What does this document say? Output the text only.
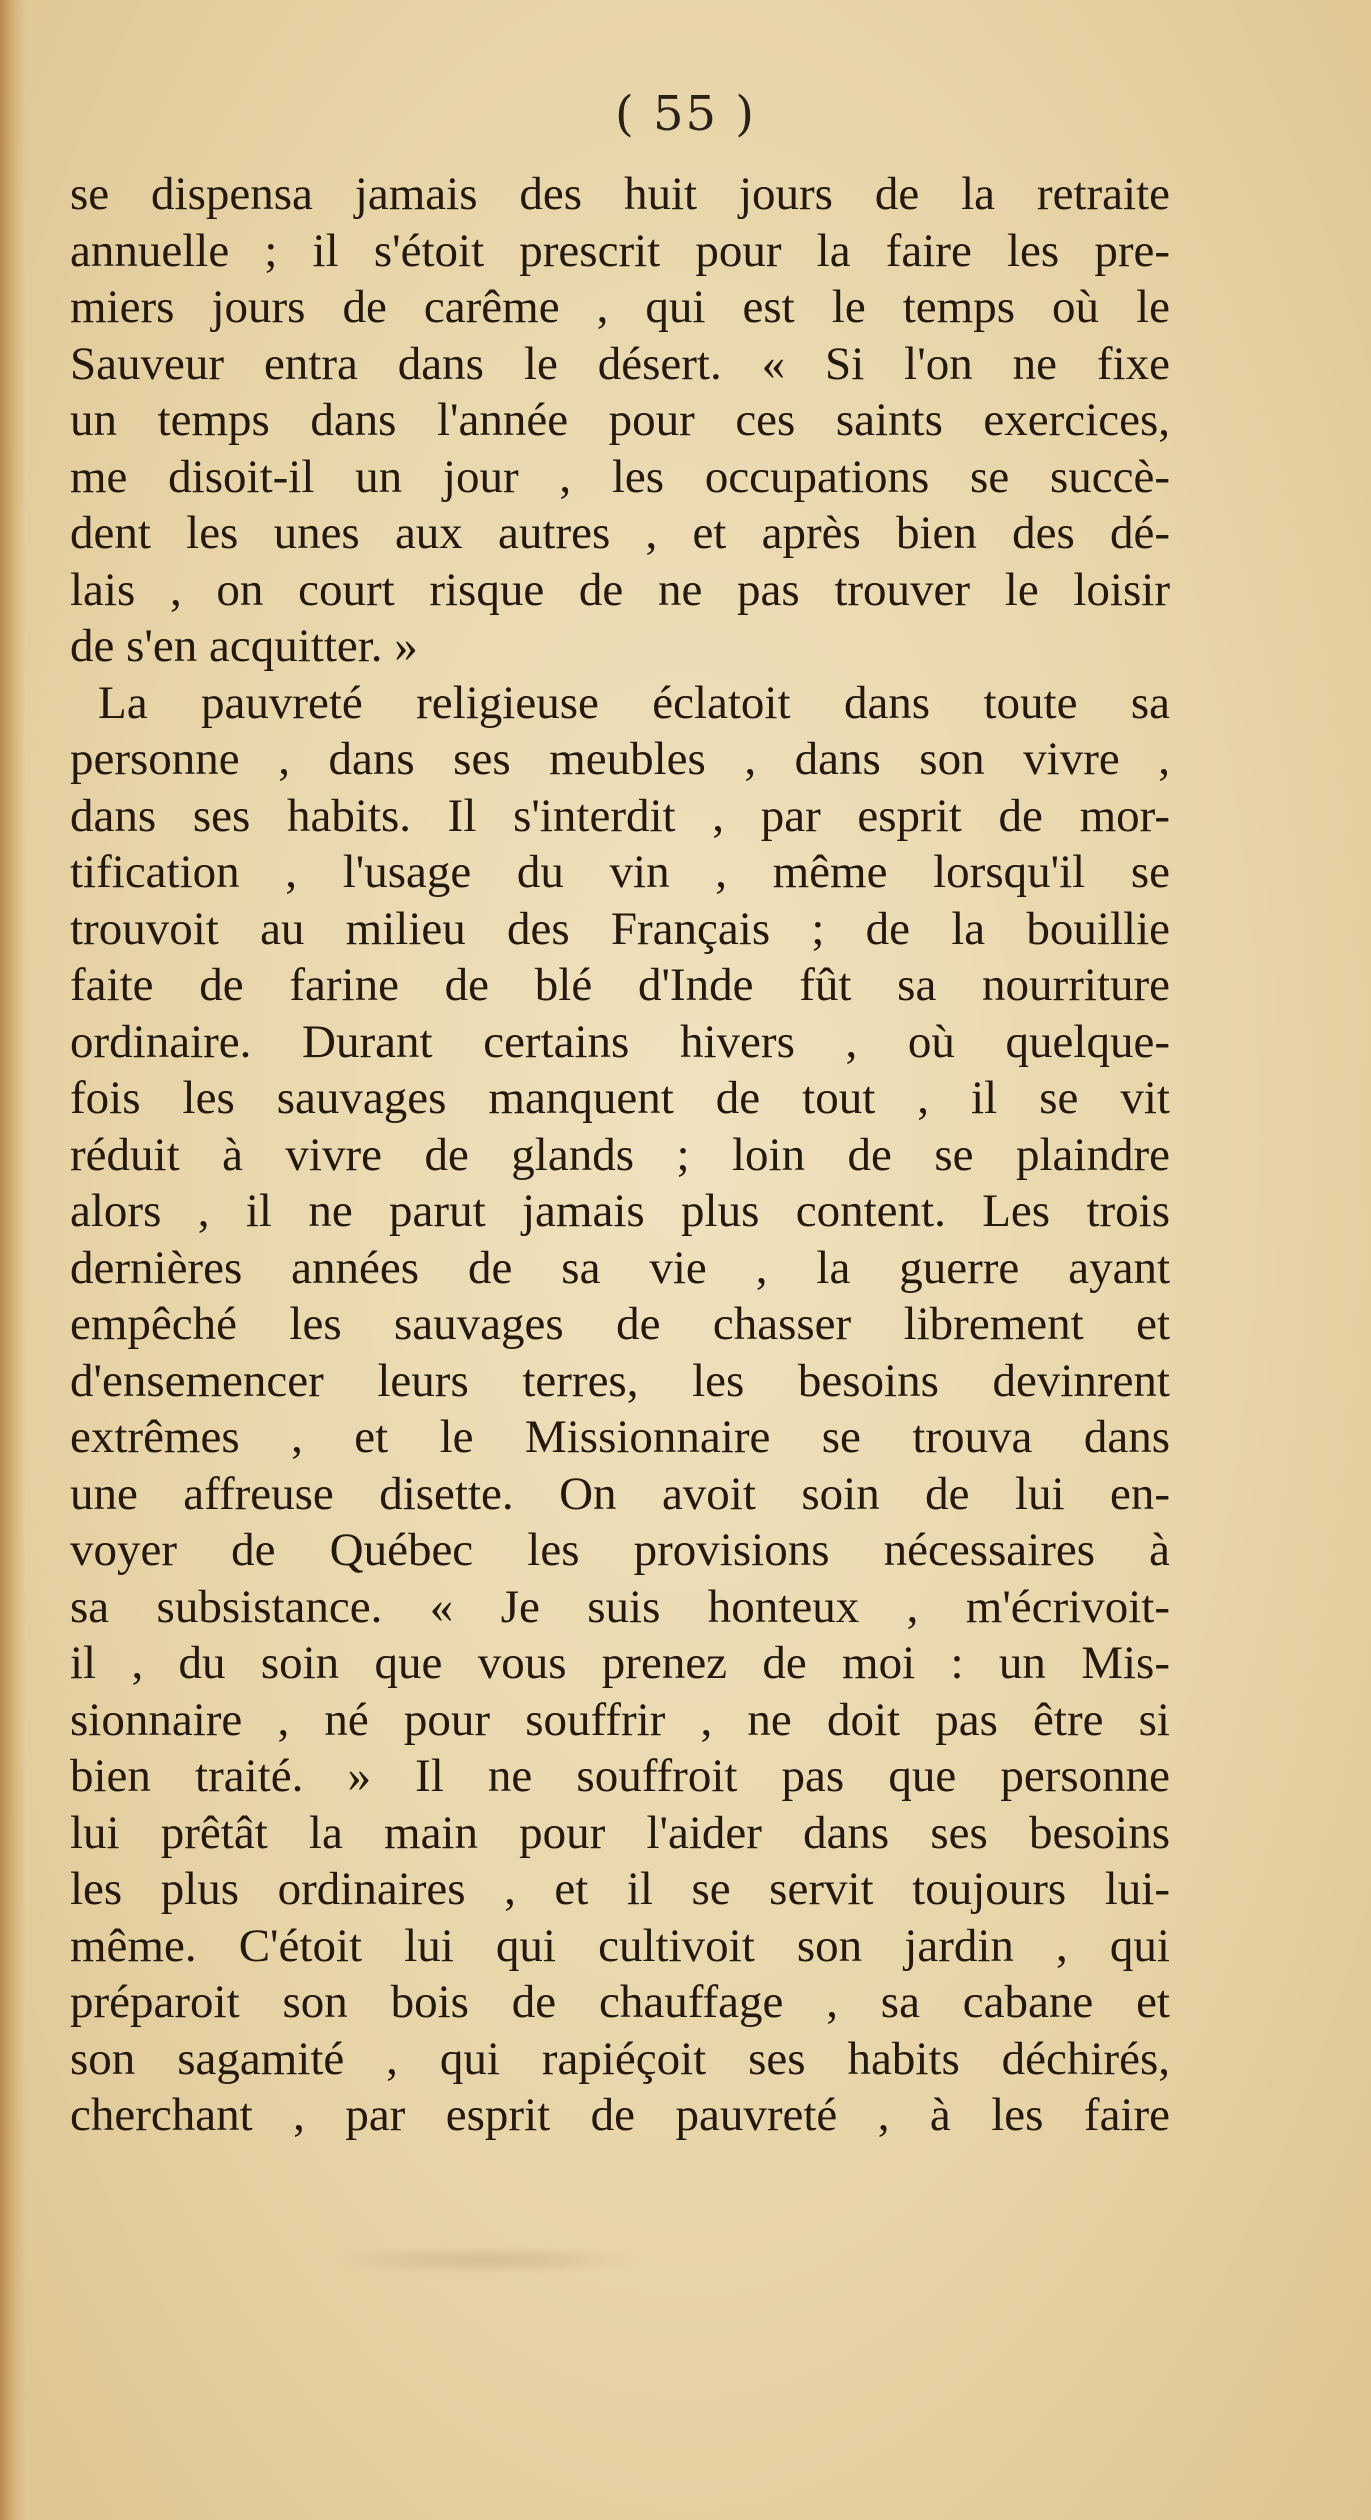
( 55 )
se dispensa jamais des huit jours de la retraite
annuelle ; il s'étoit prescrit pour la faire les pre-
miers jours de carême , qui est le temps où le
Sauveur entra dans le désert. « Si l'on ne fixe
un temps dans l'année pour ces saints exercices,
me disoit-il un jour , les occupations se succè-
dent les unes aux autres , et après bien des dé-
lais , on court risque de ne pas trouver le loisir
de s'en acquitter. »
La pauvreté religieuse éclatoit dans toute sa
personne , dans ses meubles , dans son vivre ,
dans ses habits. Il s'interdit , par esprit de mor-
tification , l'usage du vin , même lorsqu'il se
trouvoit au milieu des Français ; de la bouillie
faite de farine de blé d'Inde fût sa nourriture
ordinaire. Durant certains hivers , où quelque-
fois les sauvages manquent de tout , il se vit
réduit à vivre de glands ; loin de se plaindre
alors , il ne parut jamais plus content. Les trois
dernières années de sa vie , la guerre ayant
empêché les sauvages de chasser librement et
d'ensemencer leurs terres, les besoins devinrent
extrêmes , et le Missionnaire se trouva dans
une affreuse disette. On avoit soin de lui en-
voyer de Québec les provisions nécessaires à
sa subsistance. « Je suis honteux , m'écrivoit-
il , du soin que vous prenez de moi : un Mis-
sionnaire , né pour souffrir , ne doit pas être si
bien traité. » Il ne souffroit pas que personne
lui prêtât la main pour l'aider dans ses besoins
les plus ordinaires , et il se servit toujours lui-
même. C'étoit lui qui cultivoit son jardin , qui
préparoit son bois de chauffage , sa cabane et
son sagamité , qui rapiéçoit ses habits déchirés,
cherchant , par esprit de pauvreté , à les faire
